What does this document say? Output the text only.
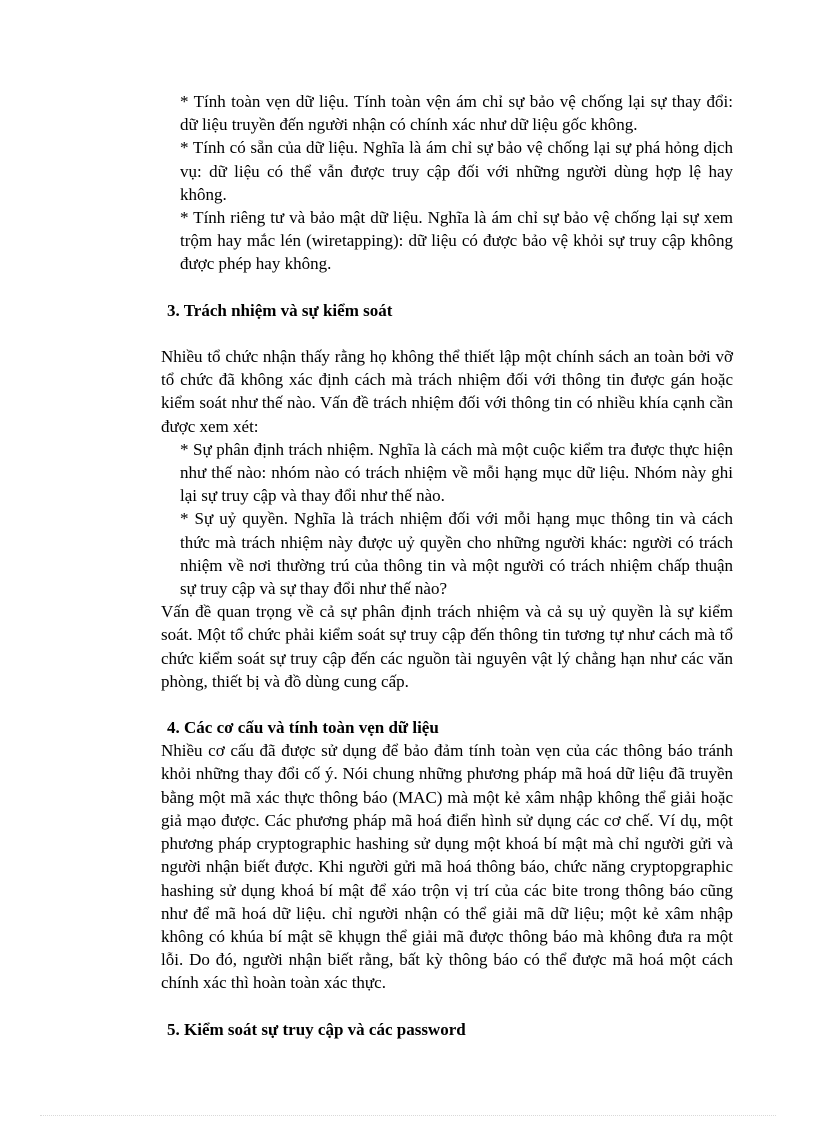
* Tính toàn vẹn dữ liệu. Tính toàn vện ám chỉ sự bảo vệ chống lại sự thay đổi: dữ liệu truyền đến người nhận có chính xác như dữ liệu gốc không.

* Tính có sẵn của dữ liệu. Nghĩa là ám chỉ sự bảo vệ chống lại sự phá hỏng dịch vụ: dữ liệu có thể vẫn được truy cập đối với những người dùng hợp lệ hay không.

* Tính riêng tư và bảo mật dữ liệu. Nghĩa là ám chỉ sự bảo vệ chống lại sự xem trộm hay mắc lén (wiretapping): dữ liệu có được bảo vệ khỏi sự truy cập không được phép hay không.

3. Trách nhiệm và sự kiểm soát

Nhiều tổ chức nhận thấy rằng họ không thể thiết lập một chính sách an toàn bởi vỡ tổ chức đã không xác định cách mà trách nhiệm đối với thông tin được gán hoặc kiểm soát như thế nào. Vấn đề trách nhiệm đối với thông tin có nhiều khía cạnh cần được xem xét:

* Sự phân định trách nhiệm. Nghĩa là cách mà một cuộc kiểm tra được thực hiện như thế nào: nhóm nào có trách nhiệm về mỗi hạng mục dữ liệu. Nhóm này ghi lại sự truy cập và thay đổi như thế nào.

* Sự uỷ quyền. Nghĩa là trách nhiệm đối với mỗi hạng mục thông tin và cách thức mà trách nhiệm này được uỷ quyền cho những người khác: người có trách nhiệm về nơi thường trú của thông tin và một người có trách nhiệm chấp thuận sự truy cập và sự thay đổi như thế nào?

Vấn đề quan trọng về cả sự phân định trách nhiệm và cả sụ uỷ quyền là sự kiểm soát. Một tổ chức phải kiểm soát sự truy cập đến thông tin tương tự như cách mà tổ chức kiểm soát sự truy cập đến các nguồn tài nguyên vật lý chẳng hạn như các văn phòng, thiết bị và đồ dùng cung cấp.

4. Các cơ cấu và tính toàn vẹn dữ liệu

Nhiều cơ cấu đã được sử dụng để bảo đảm tính toàn vẹn của các thông báo tránh khỏi những thay đổi cố ý. Nói chung những phương pháp mã hoá dữ liệu đã truyền bằng một mã xác thực thông báo (MAC) mà một kẻ xâm nhập không thể giải hoặc giả mạo được. Các phương pháp mã hoá điển hình sử dụng các cơ chế. Ví dụ, một phương pháp cryptographic hashing sử dụng một khoá bí mật mà chỉ người gửi và người nhận biết được. Khi người gửi mã hoá thông báo, chức năng cryptopgraphic hashing sử dụng khoá bí mật để xáo trộn vị trí của các bite trong thông báo cũng như để mã hoá dữ liệu. chỉ người nhận có thể giải mã dữ liệu; một kẻ xâm nhập không có khúa bí mật sẽ khụgn thể giải mã được thông báo mà không đưa ra một lỗi. Do đó, người nhận biết rằng, bất kỳ thông báo có thể được mã hoá một cách chính xác thì hoàn toàn xác thực.

5. Kiểm soát sự truy cập và các password
